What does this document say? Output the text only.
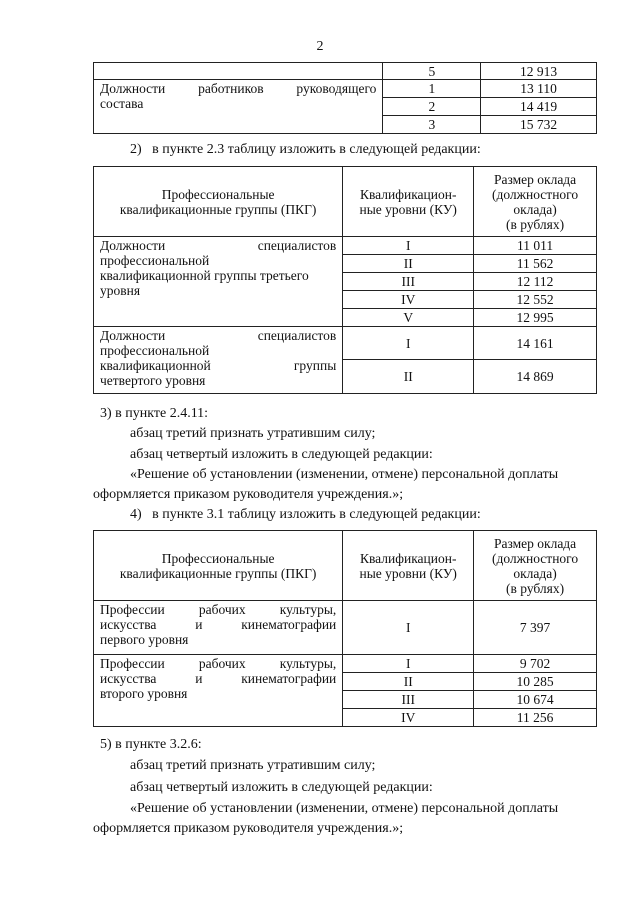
2
	5	12 913

Должности работников руководящего
состава	1	13 110
	2	14 419
	3	15 732
2)   в пункте 2.3 таблицу изложить в следующей редакции:
Профессиональные квалификационные группы (ПКГ)	Квалификацион-ные уровни (КУ)	Размер оклада
(должностного
оклада)
(в рублях)

Должности специалистов
профессиональной
квалификационной группы третьего
уровня	I	11 011
	II	11 562
	III	12 112
	IV	12 552
	V	12 995

Должности специалистов
профессиональной
квалификационной группы
четвертого уровня	I	14 161
	II	14 869
3) в пункте 2.4.11:
абзац третий признать утратившим силу;
абзац четвертый изложить в следующей редакции:
«Решение об установлении (изменении, отмене) персональной доплаты
оформляется приказом руководителя учреждения.»;
4)   в пункте 3.1 таблицу изложить в следующей редакции:
Профессиональные квалификационные группы (ПКГ)	Квалификацион-ные уровни (КУ)	Размер оклада
(должностного
оклада)
(в рублях)

Профессии рабочих культуры,
искусства и кинематографии
первого уровня	I	7 397

Профессии рабочих культуры,
искусства и кинематографии
второго уровня	I	9 702
	II	10 285
	III	10 674
	IV	11 256
5) в пункте 3.2.6:
абзац третий признать утратившим силу;
абзац четвертый изложить в следующей редакции:
«Решение об установлении (изменении, отмене) персональной доплаты
оформляется приказом руководителя учреждения.»;
